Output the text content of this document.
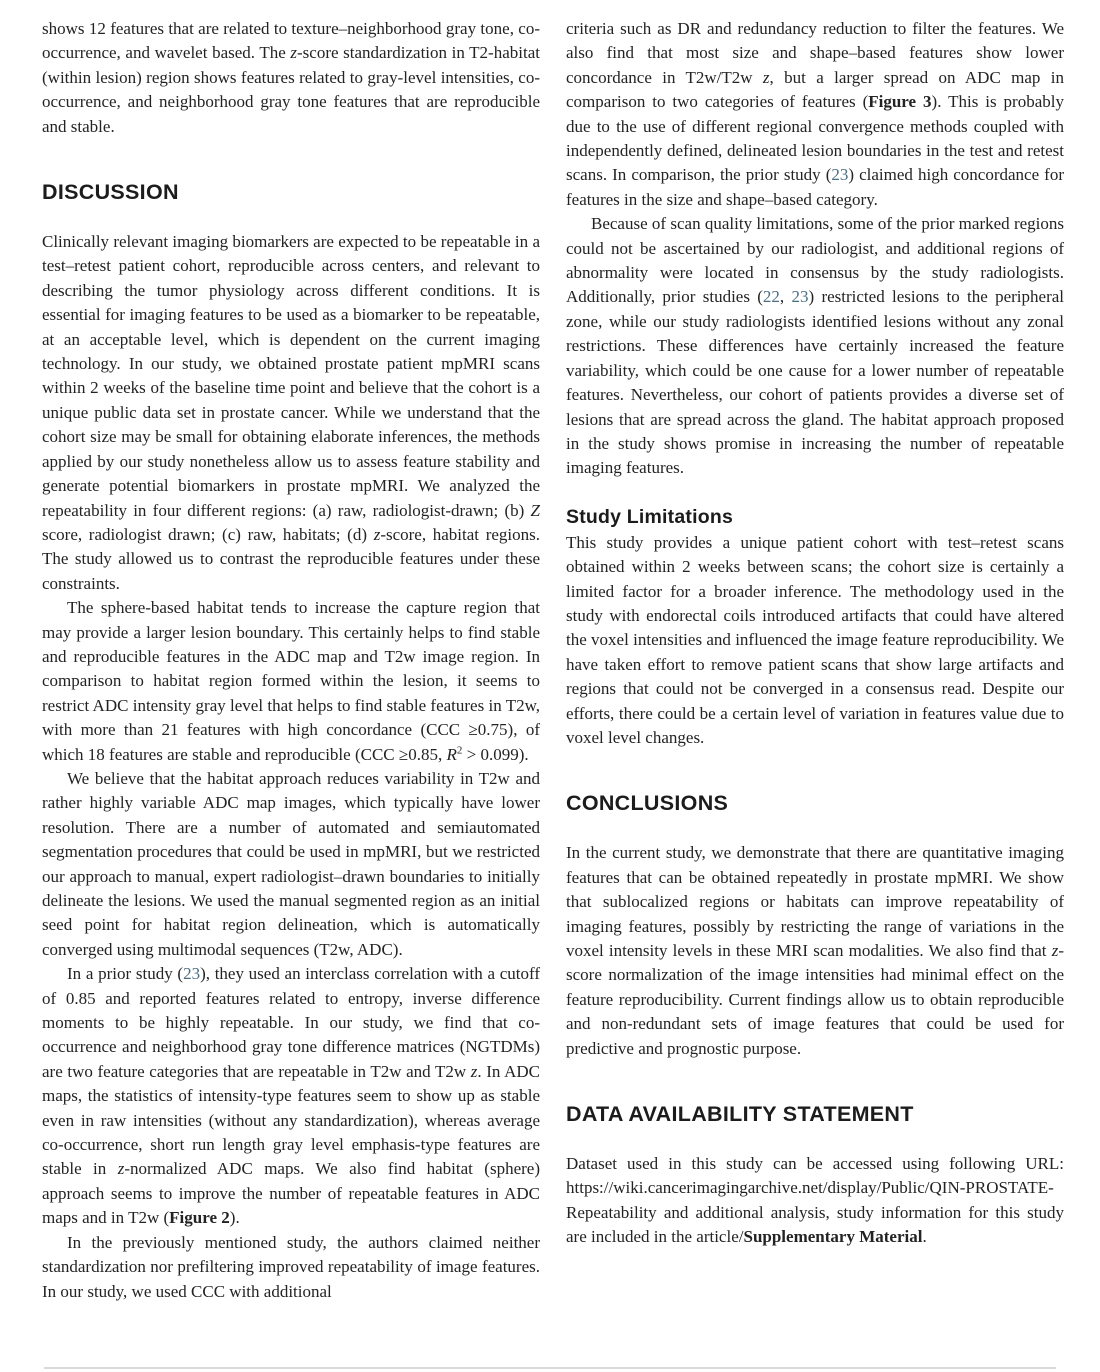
shows 12 features that are related to texture–neighborhood gray tone, co-occurrence, and wavelet based. The z-score standardization in T2-habitat (within lesion) region shows features related to gray-level intensities, co-occurrence, and neighborhood gray tone features that are reproducible and stable.

DISCUSSION

Clinically relevant imaging biomarkers are expected to be repeatable in a test–retest patient cohort, reproducible across centers, and relevant to describing the tumor physiology across different conditions. It is essential for imaging features to be used as a biomarker to be repeatable, at an acceptable level, which is dependent on the current imaging technology. In our study, we obtained prostate patient mpMRI scans within 2 weeks of the baseline time point and believe that the cohort is a unique public data set in prostate cancer. While we understand that the cohort size may be small for obtaining elaborate inferences, the methods applied by our study nonetheless allow us to assess feature stability and generate potential biomarkers in prostate mpMRI. We analyzed the repeatability in four different regions: (a) raw, radiologist-drawn; (b) Z score, radiologist drawn; (c) raw, habitats; (d) z-score, habitat regions. The study allowed us to contrast the reproducible features under these constraints.

The sphere-based habitat tends to increase the capture region that may provide a larger lesion boundary. This certainly helps to find stable and reproducible features in the ADC map and T2w image region. In comparison to habitat region formed within the lesion, it seems to restrict ADC intensity gray level that helps to find stable features in T2w, with more than 21 features with high concordance (CCC ≥0.75), of which 18 features are stable and reproducible (CCC ≥0.85, $R^2 > 0.099$).

We believe that the habitat approach reduces variability in T2w and rather highly variable ADC map images, which typically have lower resolution. There are a number of automated and semiautomated segmentation procedures that could be used in mpMRI, but we restricted our approach to manual, expert radiologist–drawn boundaries to initially delineate the lesions. We used the manual segmented region as an initial seed point for habitat region delineation, which is automatically converged using multimodal sequences (T2w, ADC).

In a prior study (23), they used an interclass correlation with a cutoff of 0.85 and reported features related to entropy, inverse difference moments to be highly repeatable. In our study, we find that co-occurrence and neighborhood gray tone difference matrices (NGTDMs) are two feature categories that are repeatable in T2w and T2w z. In ADC maps, the statistics of intensity-type features seem to show up as stable even in raw intensities (without any standardization), whereas average co-occurrence, short run length gray level emphasis-type features are stable in z-normalized ADC maps. We also find habitat (sphere) approach seems to improve the number of repeatable features in ADC maps and in T2w (Figure 2).

In the previously mentioned study, the authors claimed neither standardization nor prefiltering improved repeatability of image features. In our study, we used CCC with additional

criteria such as DR and redundancy reduction to filter the features. We also find that most size and shape–based features show lower concordance in T2w/T2w z, but a larger spread on ADC map in comparison to two categories of features (Figure 3). This is probably due to the use of different regional convergence methods coupled with independently defined, delineated lesion boundaries in the test and retest scans. In comparison, the prior study (23) claimed high concordance for features in the size and shape–based category.

Because of scan quality limitations, some of the prior marked regions could not be ascertained by our radiologist, and additional regions of abnormality were located in consensus by the study radiologists. Additionally, prior studies (22, 23) restricted lesions to the peripheral zone, while our study radiologists identified lesions without any zonal restrictions. These differences have certainly increased the feature variability, which could be one cause for a lower number of repeatable features. Nevertheless, our cohort of patients provides a diverse set of lesions that are spread across the gland. The habitat approach proposed in the study shows promise in increasing the number of repeatable imaging features.

Study Limitations

This study provides a unique patient cohort with test–retest scans obtained within 2 weeks between scans; the cohort size is certainly a limited factor for a broader inference. The methodology used in the study with endorectal coils introduced artifacts that could have altered the voxel intensities and influenced the image feature reproducibility. We have taken effort to remove patient scans that show large artifacts and regions that could not be converged in a consensus read. Despite our efforts, there could be a certain level of variation in features value due to voxel level changes.

CONCLUSIONS

In the current study, we demonstrate that there are quantitative imaging features that can be obtained repeatedly in prostate mpMRI. We show that sublocalized regions or habitats can improve repeatability of imaging features, possibly by restricting the range of variations in the voxel intensity levels in these MRI scan modalities. We also find that z-score normalization of the image intensities had minimal effect on the feature reproducibility. Current findings allow us to obtain reproducible and non-redundant sets of image features that could be used for predictive and prognostic purpose.

DATA AVAILABILITY STATEMENT

Dataset used in this study can be accessed using following URL: https://wiki.cancerimagingarchive.net/display/Public/QIN-PROSTATE-Repeatability and additional analysis, study information for this study are included in the article/Supplementary Material.
